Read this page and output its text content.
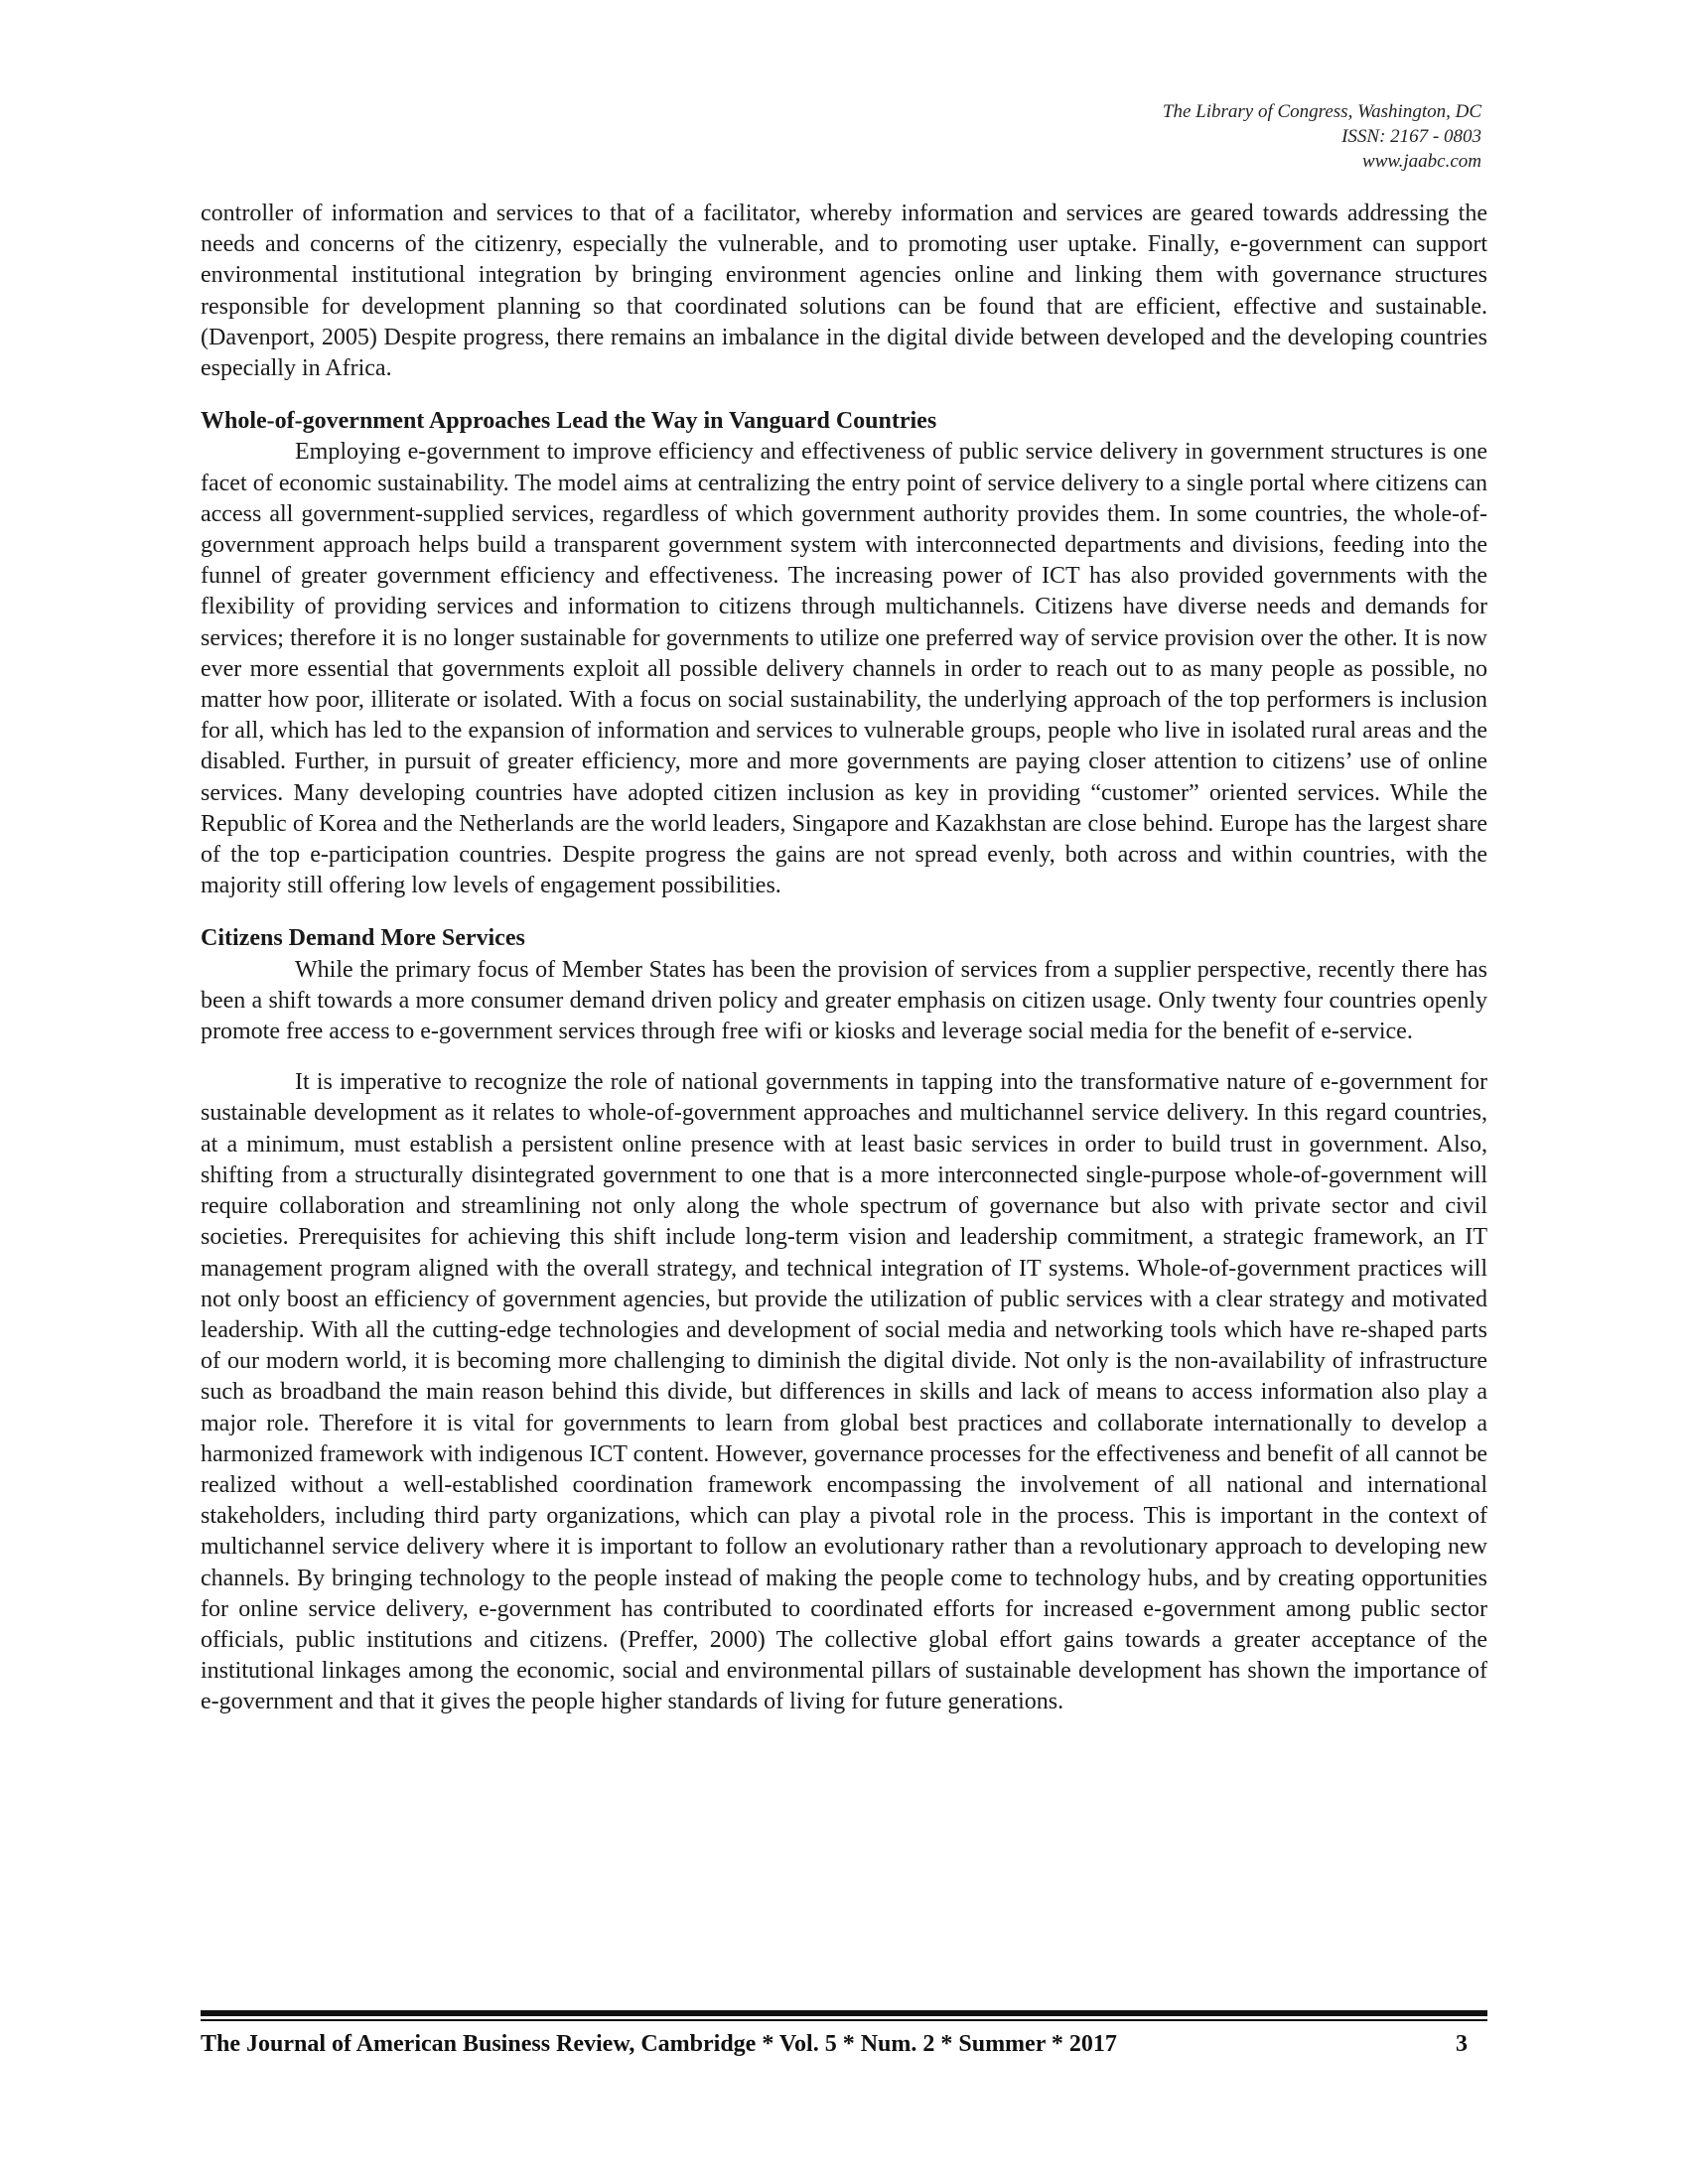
The Library of Congress, Washington, DC
ISSN: 2167 - 0803
www.jaabc.com

controller of information and services to that of a facilitator, whereby information and services are geared towards addressing the needs and concerns of the citizenry, especially the vulnerable, and to promoting user uptake. Finally, e-government can support environmental institutional integration by bringing environment agencies online and linking them with governance structures responsible for development planning so that coordinated solutions can be found that are efficient, effective and sustainable. (Davenport, 2005) Despite progress, there remains an imbalance in the digital divide between developed and the developing countries especially in Africa.

Whole-of-government Approaches Lead the Way in Vanguard Countries

Employing e-government to improve efficiency and effectiveness of public service delivery in government structures is one facet of economic sustainability. The model aims at centralizing the entry point of service delivery to a single portal where citizens can access all government-supplied services, regardless of which government authority provides them. In some countries, the whole-of-government approach helps build a transparent government system with interconnected departments and divisions, feeding into the funnel of greater government efficiency and effectiveness. The increasing power of ICT has also provided governments with the flexibility of providing services and information to citizens through multichannels. Citizens have diverse needs and demands for services; therefore it is no longer sustainable for governments to utilize one preferred way of service provision over the other. It is now ever more essential that governments exploit all possible delivery channels in order to reach out to as many people as possible, no matter how poor, illiterate or isolated. With a focus on social sustainability, the underlying approach of the top performers is inclusion for all, which has led to the expansion of information and services to vulnerable groups, people who live in isolated rural areas and the disabled. Further, in pursuit of greater efficiency, more and more governments are paying closer attention to citizens’ use of online services. Many developing countries have adopted citizen inclusion as key in providing “customer” oriented services. While the Republic of Korea and the Netherlands are the world leaders, Singapore and Kazakhstan are close behind. Europe has the largest share of the top e-participation countries. Despite progress the gains are not spread evenly, both across and within countries, with the majority still offering low levels of engagement possibilities.

Citizens Demand More Services

While the primary focus of Member States has been the provision of services from a supplier perspective, recently there has been a shift towards a more consumer demand driven policy and greater emphasis on citizen usage. Only twenty four countries openly promote free access to e-government services through free wifi or kiosks and leverage social media for the benefit of e-service.

It is imperative to recognize the role of national governments in tapping into the transformative nature of e-government for sustainable development as it relates to whole-of-government approaches and multichannel service delivery. In this regard countries, at a minimum, must establish a persistent online presence with at least basic services in order to build trust in government. Also, shifting from a structurally disintegrated government to one that is a more interconnected single-purpose whole-of-government will require collaboration and streamlining not only along the whole spectrum of governance but also with private sector and civil societies. Prerequisites for achieving this shift include long-term vision and leadership commitment, a strategic framework, an IT management program aligned with the overall strategy, and technical integration of IT systems. Whole-of-government practices will not only boost an efficiency of government agencies, but provide the utilization of public services with a clear strategy and motivated leadership. With all the cutting-edge technologies and development of social media and networking tools which have re-shaped parts of our modern world, it is becoming more challenging to diminish the digital divide. Not only is the non-availability of infrastructure such as broadband the main reason behind this divide, but differences in skills and lack of means to access information also play a major role. Therefore it is vital for governments to learn from global best practices and collaborate internationally to develop a harmonized framework with indigenous ICT content. However, governance processes for the effectiveness and benefit of all cannot be realized without a well-established coordination framework encompassing the involvement of all national and international stakeholders, including third party organizations, which can play a pivotal role in the process. This is important in the context of multichannel service delivery where it is important to follow an evolutionary rather than a revolutionary approach to developing new channels. By bringing technology to the people instead of making the people come to technology hubs, and by creating opportunities for online service delivery, e-government has contributed to coordinated efforts for increased e-government among public sector officials, public institutions and citizens. (Preffer, 2000) The collective global effort gains towards a greater acceptance of the institutional linkages among the economic, social and environmental pillars of sustainable development has shown the importance of e-government and that it gives the people higher standards of living for future generations.

The Journal of American Business Review, Cambridge * Vol. 5 * Num. 2 * Summer * 2017	3
